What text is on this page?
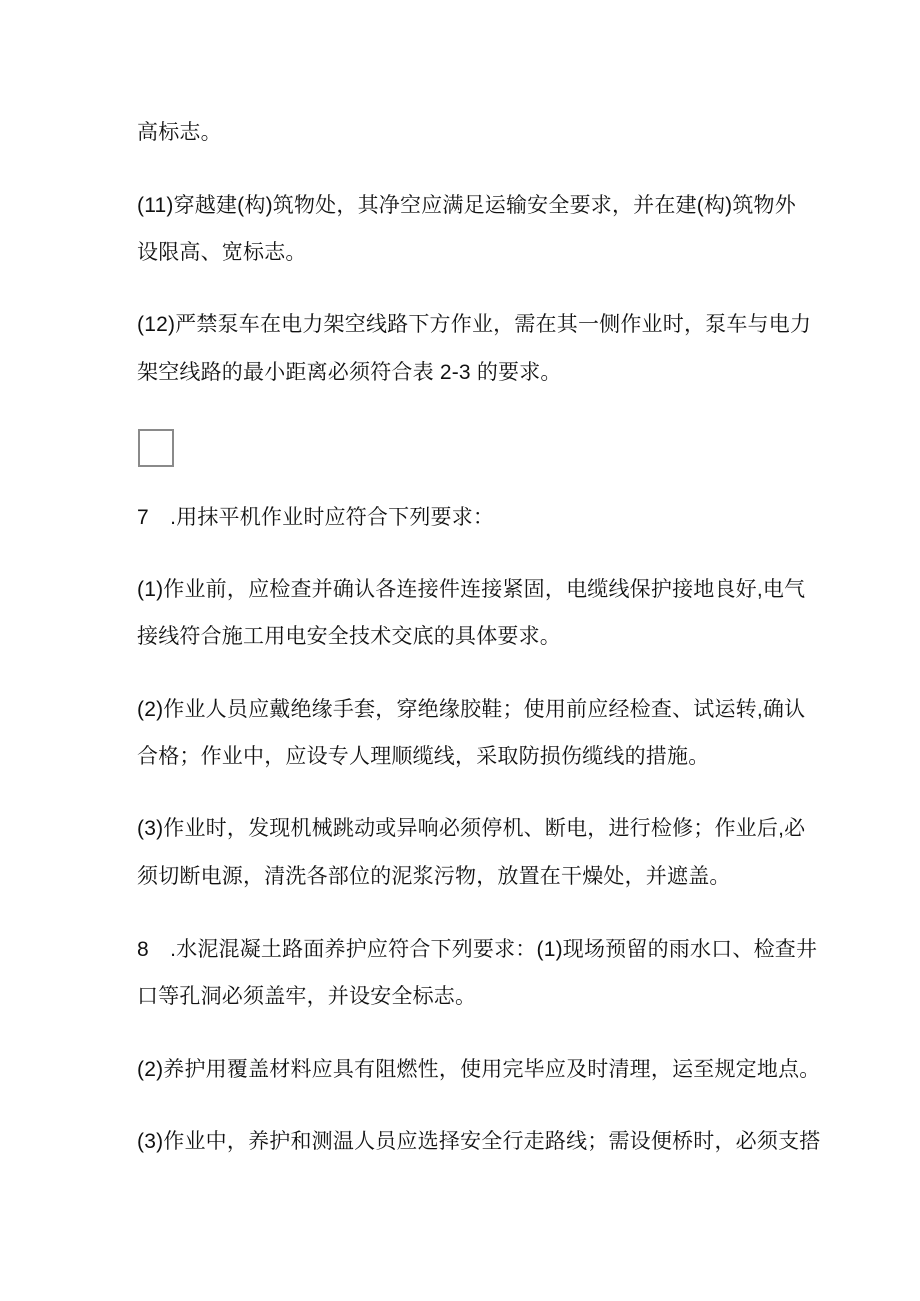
高标志。
(11)穿越建(构)筑物处，其净空应满足运输安全要求，并在建(构)筑物外
设限高、宽标志。
(12)严禁泵车在电力架空线路下方作业，需在其一侧作业时，泵车与电力
架空线路的最小距离必须符合表 2-3 的要求。
7　.用抹平机作业时应符合下列要求：
(1)作业前，应检查并确认各连接件连接紧固，电缆线保护接地良好,电气
接线符合施工用电安全技术交底的具体要求。
(2)作业人员应戴绝缘手套，穿绝缘胶鞋；使用前应经检查、试运转,确认
合格；作业中，应设专人理顺缆线，采取防损伤缆线的措施。
(3)作业时，发现机械跳动或异响必须停机、断电，进行检修；作业后,必
须切断电源，清洗各部位的泥浆污物，放置在干燥处，并遮盖。
8　.水泥混凝土路面养护应符合下列要求：(1)现场预留的雨水口、检查井
口等孔洞必须盖牢，并设安全标志。
(2)养护用覆盖材料应具有阻燃性，使用完毕应及时清理，运至规定地点。
(3)作业中，养护和测温人员应选择安全行走路线；需设便桥时，必须支搭
